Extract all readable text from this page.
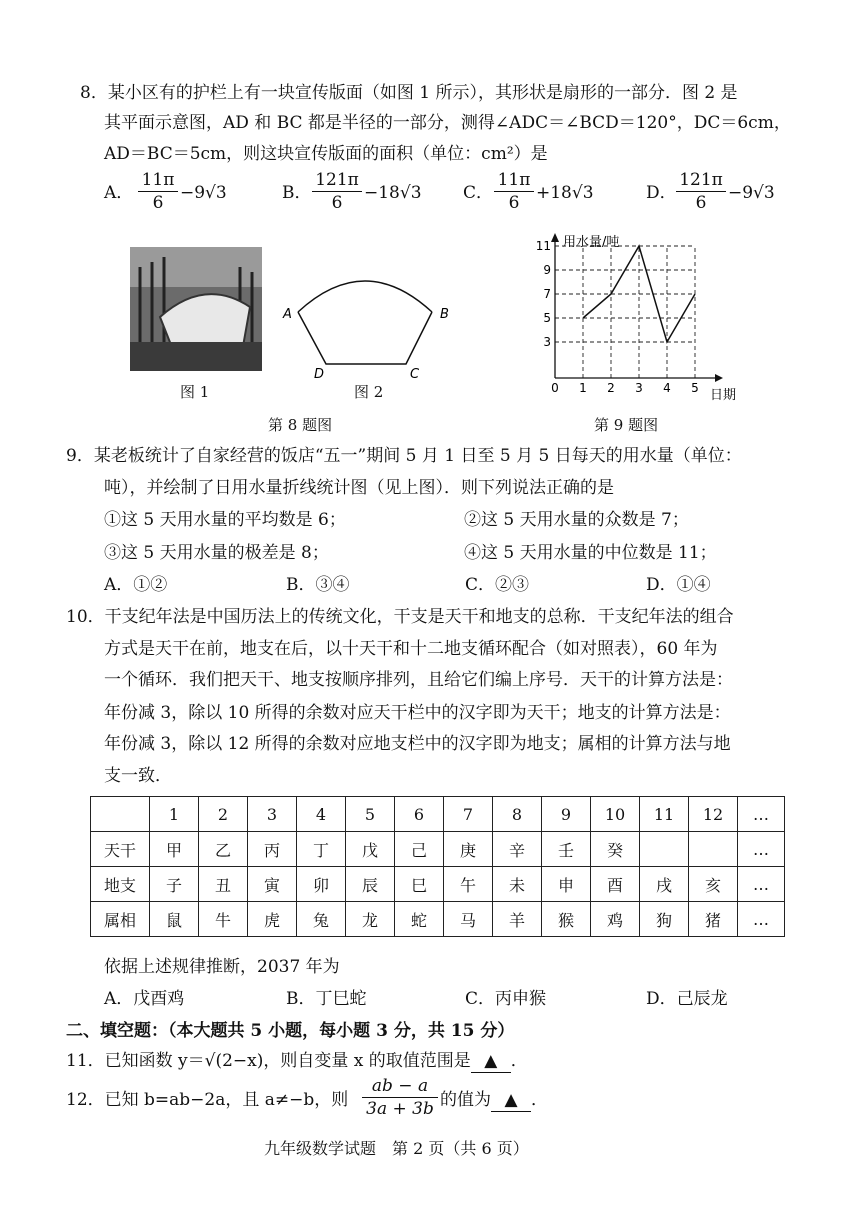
8．某小区有的护栏上有一块宣传版面（如图 1 所示），其形状是扇形的一部分．图 2 是
其平面示意图，AD 和 BC 都是半径的一部分，测得∠ADC＝∠BCD＝120°，DC＝6cm，
AD＝BC＝5cm，则这块宣传版面的面积（单位：cm²）是
A．
11π
6 −9√3	B．
121π
6	−18√3 C．
11π
6 +18√3	D．
121π
6	−9√3
图 1
A	B
D	C
图 2
第 8 题图
用水量/吨
日期
3
5
7
9
11
0 1 2 3 4 5
第 9 题图
9．某老板统计了自家经营的饭店“五一”期间 5 月 1 日至 5 月 5 日每天的用水量（单位：
吨），并绘制了日用水量折线统计图（见上图）．则下列说法正确的是
①这 5 天用水量的平均数是 6；	②这 5 天用水量的众数是 7；
③这 5 天用水量的极差是 8；	④这 5 天用水量的中位数是 11；
A．①②	B．③④	C．②③	D．①④
10．干支纪年法是中国历法上的传统文化，干支是天干和地支的总称．干支纪年法的组合
方式是天干在前，地支在后，以十天干和十二地支循环配合（如对照表），60 年为
一个循环．我们把天干、地支按顺序排列，且给它们编上序号．天干的计算方法是：
年份减 3，除以 10 所得的余数对应天干栏中的汉字即为天干；地支的计算方法是：
年份减 3，除以 12 所得的余数对应地支栏中的汉字即为地支；属相的计算方法与地
支一致．
	1	2	3	4	5	6	7	8	9	10	11	12	…
天干	甲	乙	丙	丁	戊	己	庚	辛	壬	癸			…
地支	子	丑	寅	卯	辰	巳	午	未	申	酉	戌	亥	…
属相	鼠	牛	虎	兔	龙	蛇	马	羊	猴	鸡	狗	猪	…
依据上述规律推断，2037 年为
A．戊酉鸡	B．丁巳蛇	C．丙申猴	D．己辰龙
二、填空题：（本大题共 5 小题，每小题 3 分，共 15 分）
11．已知函数 y＝√(2−x)，则自变量 x 的取值范围是 ▲ ．
12．已知 b=ab−2a，且 a≠−b，则
ab − a
3a + 3b 的值为 ▲ ．
九年级数学试题　第 2 页（共 6 页）
